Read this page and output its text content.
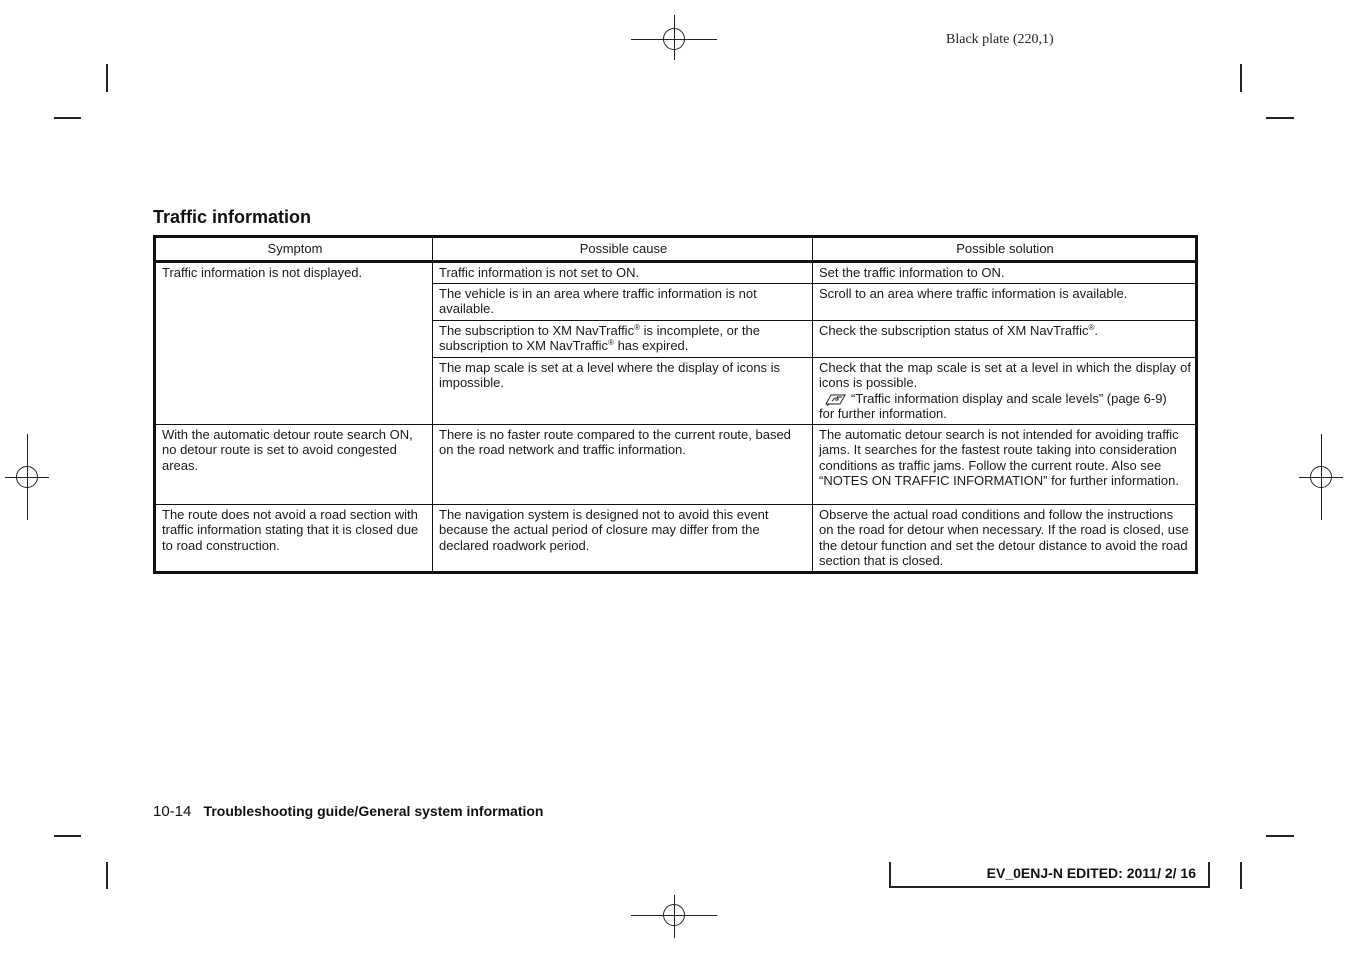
Black plate (220,1)
Traffic information
Symptom	Possible cause	Possible solution
Traffic information is not displayed.	Traffic information is not set to ON.	Set the traffic information to ON.
	The vehicle is in an area where traffic information is not available.	Scroll to an area where traffic information is available.
	The subscription to XM NavTraffic® is incomplete, or the subscription to XM NavTraffic® has expired.	Check the subscription status of XM NavTraffic®.
	The map scale is set at a level where the display of icons is impossible.	Check that the map scale is set at a level in which the display of icons is possible.
“Traffic information display and scale levels” (page 6-9)
for further information.

With the automatic detour route search ON, no detour route is set to avoid congested areas.	There is no faster route compared to the current route, based on the road network and traffic information.	The automatic detour search is not intended for avoiding traffic jams. It searches for the fastest route taking into consideration conditions as traffic jams. Follow the current route. Also see “NOTES ON TRAFFIC INFORMATION” for further information.
The route does not avoid a road section with traffic information stating that it is closed due to road construction.	The navigation system is designed not to avoid this event because the actual period of closure may differ from the declared roadwork period.	Observe the actual road conditions and follow the instructions on the road for detour when necessary. If the road is closed, use the detour function and set the detour distance to avoid the road section that is closed.
10-14 Troubleshooting guide/General system information
EV_0ENJ-N EDITED: 2011/ 2/ 16
